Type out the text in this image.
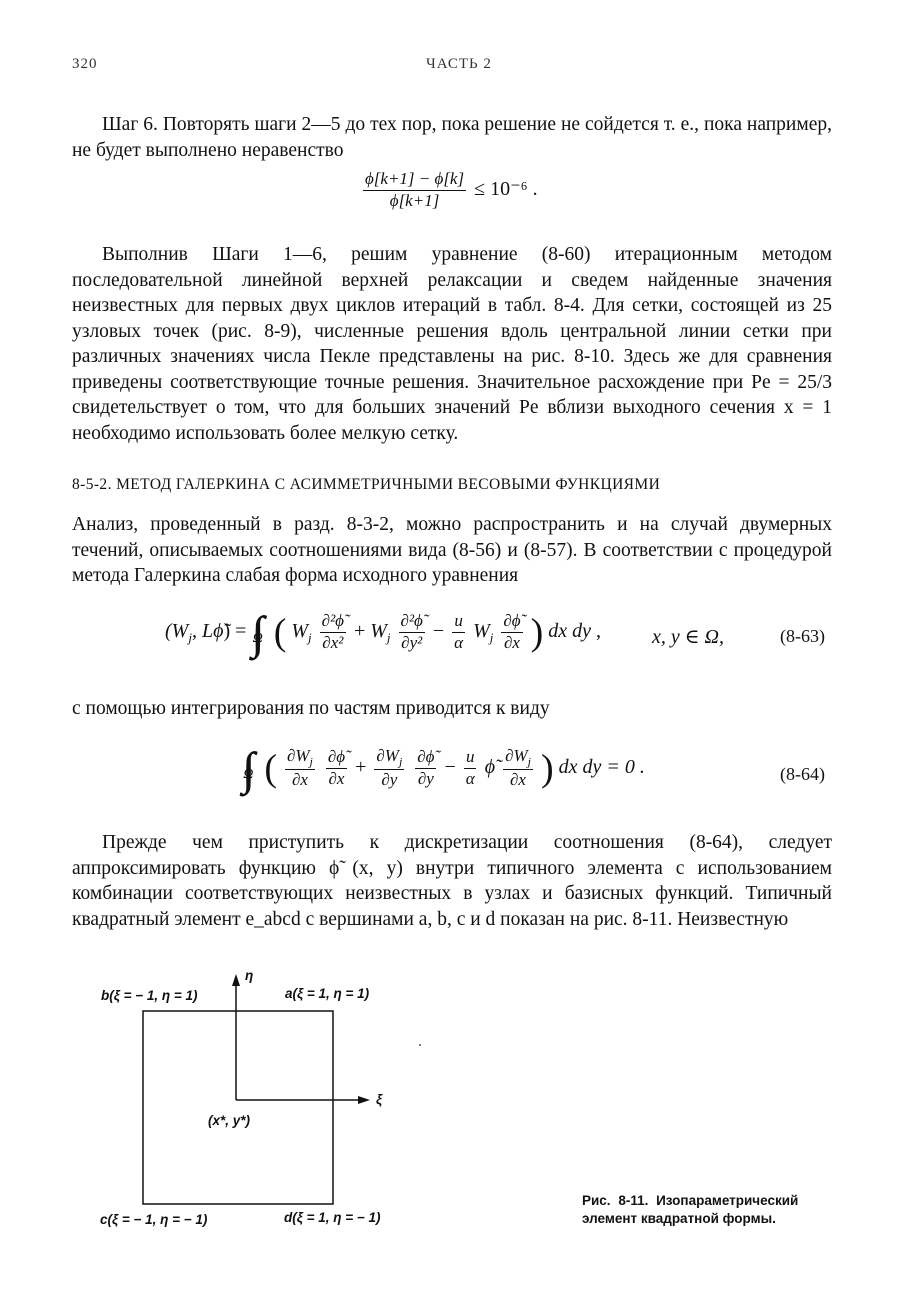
320	ЧАСТЬ 2
Шаг 6. Повторять шаги 2—5 до тех пор, пока решение не сойдется т. е., пока например, не будет выполнено неравенство
$\frac{\phi[k+1] - \phi[k]}{\phi[k+1]} \le 10^{-6}$ .
Выполнив Шаги 1—6, решим уравнение (8-60) итерационным методом последовательной линейной верхней релаксации и сведем найденные значения неизвестных для первых двух циклов итераций в табл. 8-4. Для сетки, состоящей из 25 узловых точек (рис. 8-9), численные решения вдоль центральной линии сетки при различных значениях числа Пекле представлены на рис. 8-10. Здесь же для сравнения приведены соответствующие точные решения. Значительное расхождение при Pe = 25/3 свидетельствует о том, что для больших значений Pe вблизи выходного сечения x = 1 необходимо использовать более мелкую сетку.
8-5-2. МЕТОД ГАЛЕРКИНА С АСИММЕТРИЧНЫМИ ВЕСОВЫМИ ФУНКЦИЯМИ
Анализ, проведенный в разд. 8-3-2, можно распространить и на случай двумерных течений, описываемых соотношениями вида (8-56) и (8-57). В соответствии с процедурой метода Галеркина слабая форма исходного уравнения
($W_j$, Lϕ̃) = $\int\int_\Omega$ ( $W_j \frac{\text{∂²ϕ̃}}{\text{∂x²}} + W_j \frac{\text{∂²ϕ̃}}{\text{∂y²}} - \frac{u}{\alpha} W_j \frac{\partial\phĩ}{\partial x}$ ) dx dy ,	x, y ∈ Ω,	(8-63)
с помощью интегрирования по частям приводится к виду
$\int\int_\Omega$ ( $\frac{\partial W_j}{\partial x}$
$\frac{\partial\phĩ}{\partial x} + \frac{\partial W_j}{\partial y}$
$\frac{\partial\phĩ}{\partial y} - \frac{u}{\alpha}$ ϕ̃ $\frac{\partial W_j}{\partial x}$ ) dx dy = 0 .	(8-64)
Прежде чем приступить к дискретизации соотношения (8-64), следует аппроксимировать функцию ϕ̃ (x, y) внутри типичного элемента с использованием комбинации соответствующих неизвестных в узлах и базисных функций. Типичный квадратный элемент e_abcd с вершинами a, b, c и d показан на рис. 8-11. Неизвестную
η
ξ
b(ξ = − 1, η = 1)	a(ξ = 1, η = 1)
(x*, y*)
c(ξ = − 1, η = − 1)	d(ξ = 1, η = − 1)
Рис. 8-11. Изопараметрический
элемент квадратной формы.
